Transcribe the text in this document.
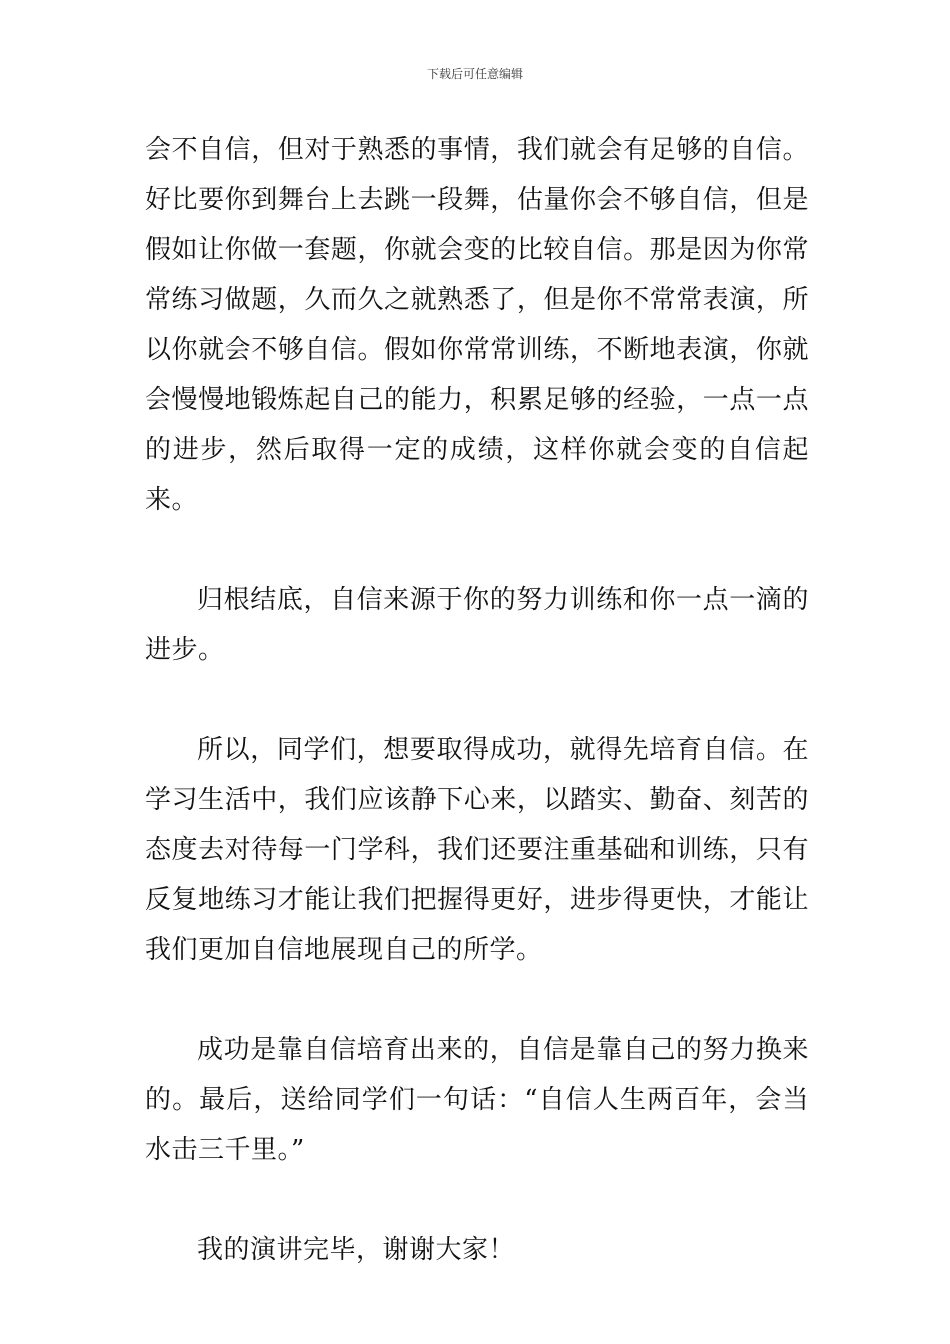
下载后可任意编辑

会不自信，但对于熟悉的事情，我们就会有足够的自信。好比要你到舞台上去跳一段舞，估量你会不够自信，但是假如让你做一套题，你就会变的比较自信。那是因为你常常练习做题，久而久之就熟悉了，但是你不常常表演，所以你就会不够自信。假如你常常训练，不断地表演，你就会慢慢地锻炼起自己的能力，积累足够的经验，一点一点的进步，然后取得一定的成绩，这样你就会变的自信起来。

归根结底，自信来源于你的努力训练和你一点一滴的进步。

所以，同学们，想要取得成功，就得先培育自信。在学习生活中，我们应该静下心来，以踏实、勤奋、刻苦的态度去对待每一门学科，我们还要注重基础和训练，只有反复地练习才能让我们把握得更好，进步得更快，才能让我们更加自信地展现自己的所学。

成功是靠自信培育出来的，自信是靠自己的努力换来的。最后，送给同学们一句话：“自信人生两百年，会当水击三千里。”

我的演讲完毕，谢谢大家！
